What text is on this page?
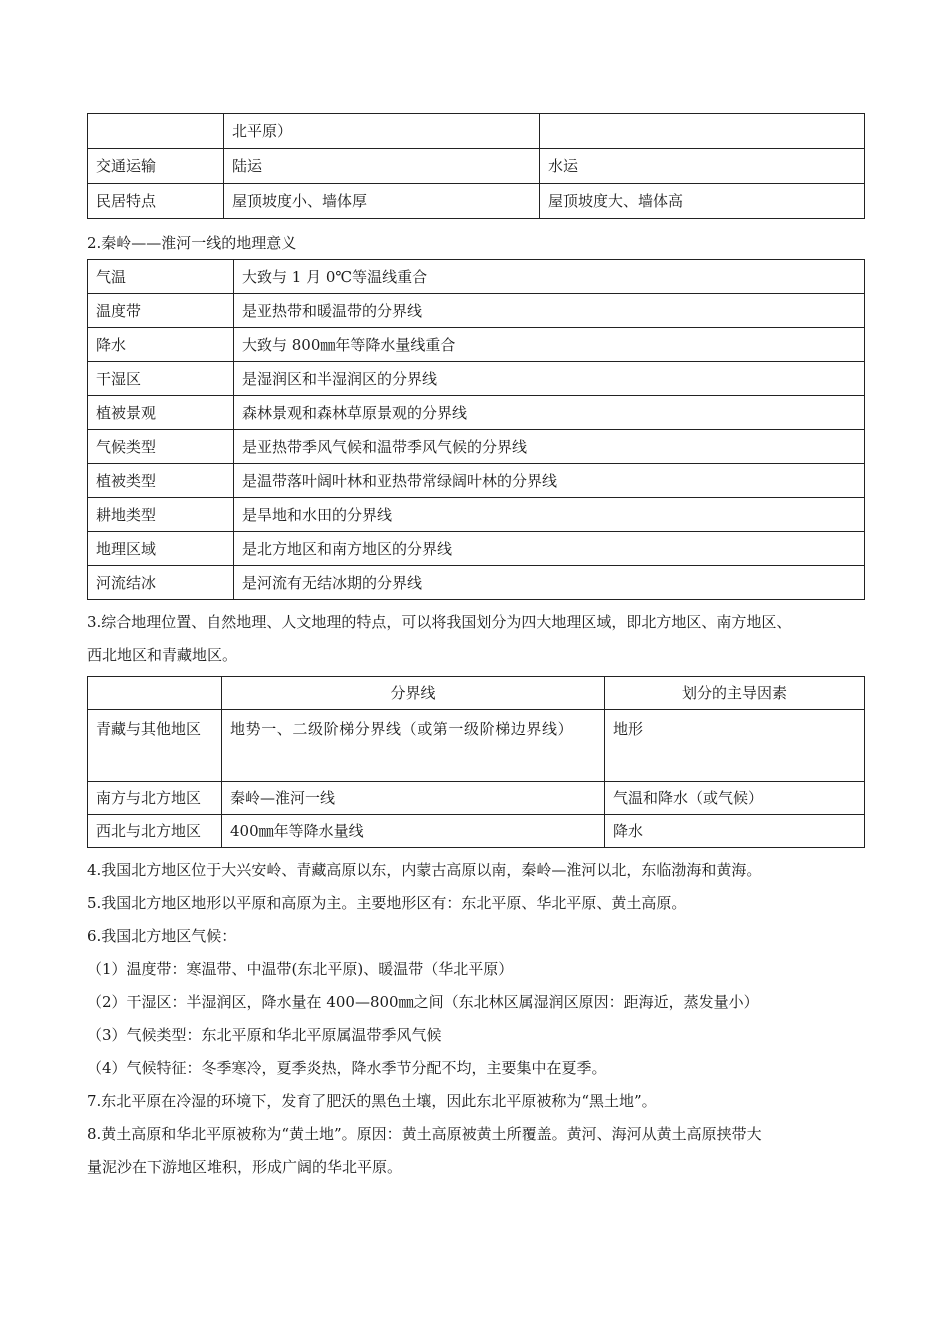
	北平原）	
交通运输	陆运	水运
民居特点	屋顶坡度小、墙体厚	屋顶坡度大、墙体高

2.秦岭——淮河一线的地理意义

气温	大致与 1 月 0℃等温线重合
温度带	是亚热带和暖温带的分界线
降水	大致与 800㎜年等降水量线重合
干湿区	是湿润区和半湿润区的分界线
植被景观	森林景观和森林草原景观的分界线
气候类型	是亚热带季风气候和温带季风气候的分界线
植被类型	是温带落叶阔叶林和亚热带常绿阔叶林的分界线
耕地类型	是旱地和水田的分界线
地理区域	是北方地区和南方地区的分界线
河流结冰	是河流有无结冰期的分界线

3.综合地理位置、自然地理、人文地理的特点，可以将我国划分为四大地理区域，即北方地区、南方地区、

西北地区和青藏地区。

	分界线	划分的主导因素
青藏与其他地区	地势一、二级阶梯分界线（或第一级阶梯边界线）	地形
南方与北方地区	秦岭—淮河一线	气温和降水（或气候）
西北与北方地区	400㎜年等降水量线	降水

4.我国北方地区位于大兴安岭、青藏高原以东，内蒙古高原以南，秦岭—淮河以北，东临渤海和黄海。

5.我国北方地区地形以平原和高原为主。主要地形区有：东北平原、华北平原、黄土高原。

6.我国北方地区气候：

（1）温度带：寒温带、中温带(东北平原)、暖温带（华北平原）

（2）干湿区：半湿润区，降水量在 400—800㎜之间（东北林区属湿润区原因：距海近，蒸发量小）

（3）气候类型：东北平原和华北平原属温带季风气候

（4）气候特征：冬季寒冷，夏季炎热，降水季节分配不均，主要集中在夏季。

7.东北平原在冷湿的环境下，发育了肥沃的黑色土壤，因此东北平原被称为“黑土地”。

8.黄土高原和华北平原被称为“黄土地”。原因：黄土高原被黄土所覆盖。黄河、海河从黄土高原挟带大

量泥沙在下游地区堆积，形成广阔的华北平原。
